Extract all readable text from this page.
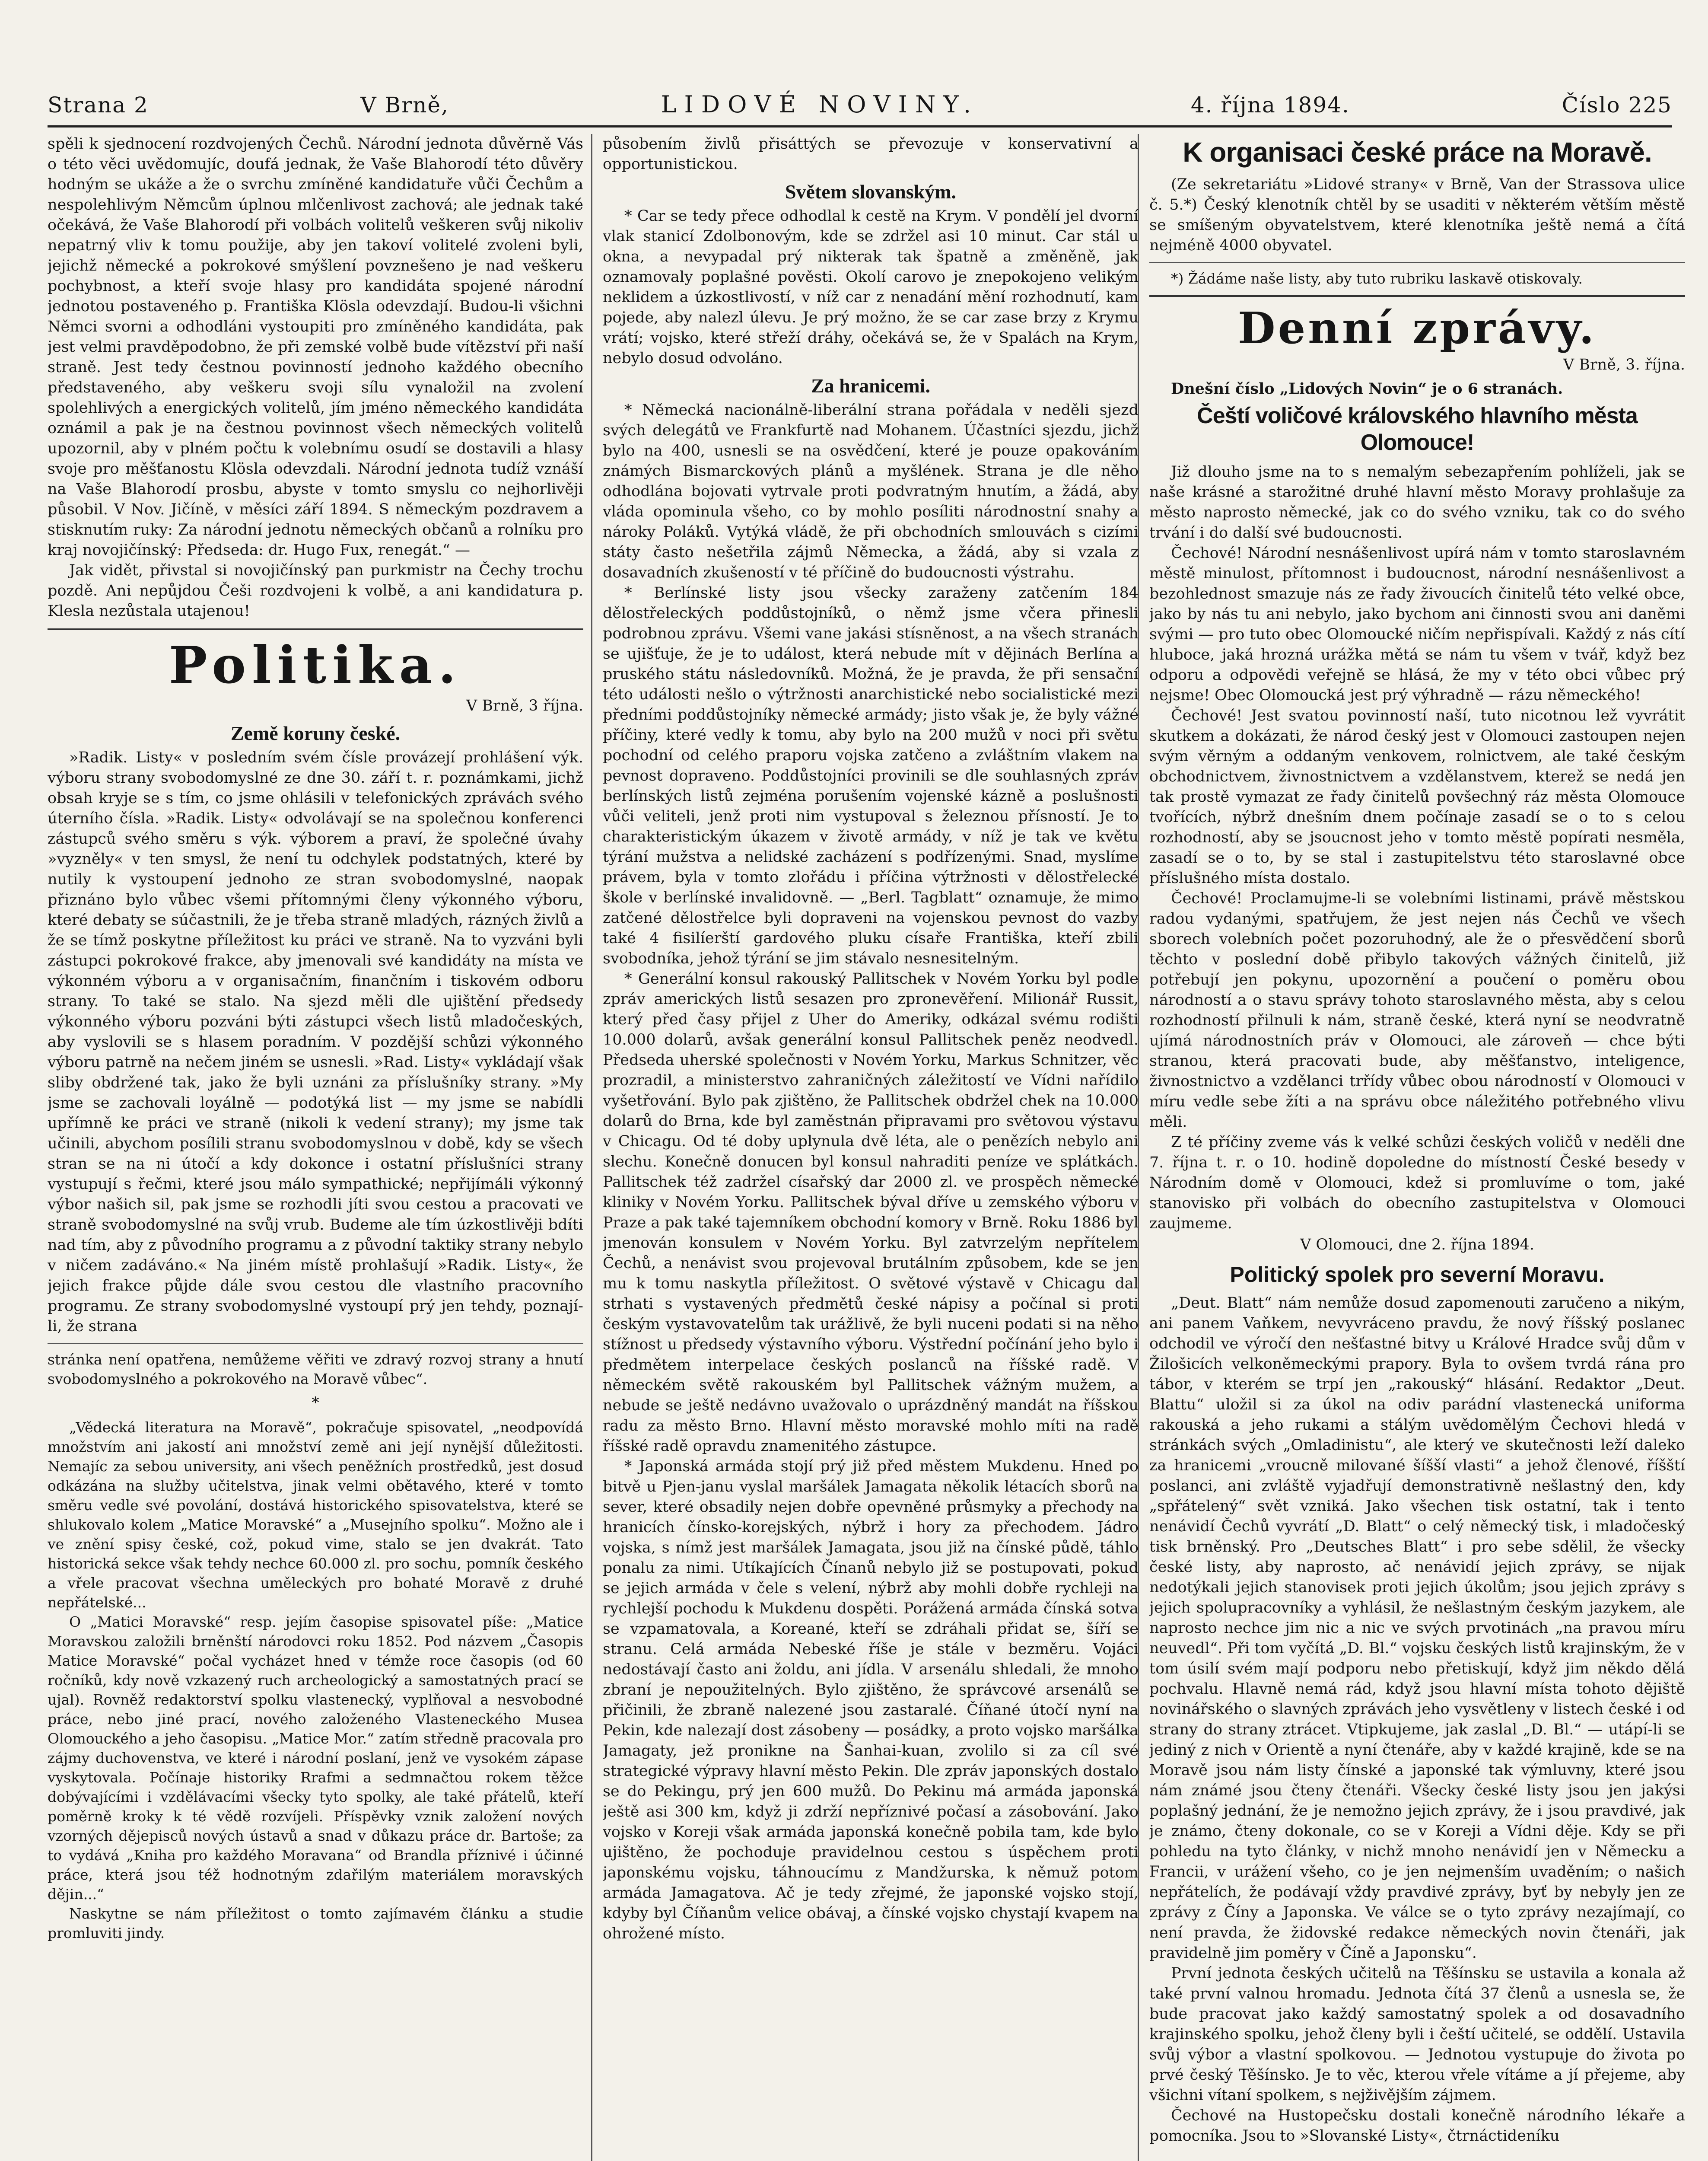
Strana 2	V Brně,	LIDOVÉ NOVINY.	4. října 1894.	Číslo 225

spěli k sjednocení rozdvojených Čechů. Národní jednota důvěrně Vás o této věci uvědomujíc, doufá jednak, že Vaše Blahorodí této důvěry hodným se ukáže a že o svrchu zmíněné kandidatuře vůči Čechům a nespolehlivým Němcům úplnou mlčenlivost zachová; ale jednak také očekává, že Vaše Blahorodí při volbách volitelů veškeren svůj nikoliv nepatrný vliv k tomu použije, aby jen takoví volitelé zvoleni byli, jejichž německé a pokrokové smýšlení povznešeno je nad veškeru pochybnost, a kteří svoje hlasy pro kandidáta spojené národní jednotou postaveného p. Františka Klösla odevzdají. Budou-li všichni Němci svorni a odhodláni vystoupiti pro zmíněného kandidáta, pak jest velmi pravděpodobno, že při zemské volbě bude vítězství při naší straně. Jest tedy čestnou povinností jednoho každého obecního představeného, aby veškeru svoji sílu vynaložil na zvolení spolehlivých a energických volitelů, jím jméno německého kandidáta oznámil a pak je na čestnou povinnost všech německých volitelů upozornil, aby v plném počtu k volebnímu osudí se dostavili a hlasy svoje pro měšťanostu Klösla odevzdali. Národní jednota tudíž vznáší na Vaše Blahorodí prosbu, abyste v tomto smyslu co nejhorlivěji působil. V Nov. Jičíně, v měsíci září 1894. S německým pozdravem a stisknutím ruky: Za národní jednotu německých občanů a rolníku pro kraj novojičínský: Předseda: dr. Hugo Fux, renegát.“ —

Jak vidět, přivstal si novojičínský pan purkmistr na Čechy trochu pozdě. Ani nepůjdou Češi rozdvojeni k volbě, a ani kandidatura p. Klesla nezůstala utajenou!

Politika.
V Brně, 3 října.
Země koruny české.

»Radik. Listy« v posledním svém čísle provázejí prohlášení výk. výboru strany svobodomyslné ze dne 30. září t. r. poznámkami, jichž obsah kryje se s tím, co jsme ohlásili v telefonických zprávách svého úterního čísla. »Radik. Listy« odvolávají se na společnou konferenci zástupců svého směru s výk. výborem a praví, že společné úvahy »vyzněly« v ten smysl, že není tu odchylek podstatných, které by nutily k vystoupení jednoho ze stran svobodomyslné, naopak přiznáno bylo vůbec všemi přítomnými členy výkonného výboru, které debaty se súčastnili, že je třeba straně mladých, rázných živlů a že se tímž poskytne příležitost ku práci ve straně. Na to vyzváni byli zástupci pokrokové frakce, aby jmenovali své kandidáty na místa ve výkonném výboru a v organisačním, finančním i tiskovém odboru strany. To také se stalo. Na sjezd měli dle ujištění předsedy výkonného výboru pozváni býti zástupci všech listů mladočeských, aby vyslovili se s hlasem poradním. V pozdější schůzi výkonného výboru patrně na nečem jiném se usnesli. »Rad. Listy« vykládají však sliby obdržené tak, jako že byli uznáni za příslušníky strany. »My jsme se zachovali loyálně — podotýká list — my jsme se nabídli upřímně ke práci ve straně (nikoli k vedení strany); my jsme tak učinili, abychom posílili stranu svobodomyslnou v době, kdy se všech stran se na ni útočí a kdy dokonce i ostatní příslušníci strany vystupují s řečmi, které jsou málo sympathické; nepřijímáli výkonný výbor našich sil, pak jsme se rozhodli jíti svou cestou a pracovati ve straně svobodomyslné na svůj vrub. Budeme ale tím úzkostlivěji bdíti nad tím, aby z původního programu a z původní taktiky strany nebylo v ničem zadáváno.« Na jiném místě prohlašují »Radik. Listy«, že jejich frakce půjde dále svou cestou dle vlastního pracovního programu. Ze strany svobodomyslné vystoupí prý jen tehdy, poznají-li, že strana

stránka není opatřena, nemůžeme věřiti ve zdravý rozvoj strany a hnutí svobodomyslného a pokrokového na Moravě vůbec“.

*

„Vědecká literatura na Moravě“, pokračuje spisovatel, „neodpovídá množstvím ani jakostí ani množství země ani její nynější důležitosti. Nemajíc za sebou university, ani všech peněžních prostředků, jest dosud odkázána na služby učitelstva, jinak velmi obětavého, které v tomto směru vedle své povolání, dostává historického spisovatelstva, které se shlukovalo kolem „Matice Moravské“ a „Musejního spolku“. Možno ale i ve znění spisy české, což, pokud vime, stalo se jen dvakrát. Tato historická sekce však tehdy nechce 60.000 zl. pro sochu, pomník českého a vřele pracovat všechna uměleckých pro bohaté Moravě z druhé nepřátelské...

O „Matici Moravské“ resp. jejím časopise spisovatel píše: „Matice Moravskou založili brněnští národovci roku 1852. Pod názvem „Časopis Matice Moravské“ počal vycházet hned v témže roce časopis (od 60 ročníků, kdy nově vzkazený ruch archeologický a samostatných prací se ujal). Rovněž redaktorství spolku vlastenecký, vyplňoval a nesvobodné práce, nebo jiné prací, nového založeného Vlasteneckého Musea Olomouckého a jeho časopisu. „Matice Mor.“ zatím středně pracovala pro zájmy duchovenstva, ve které i národní poslaní, jenž ve vysokém zápase vyskytovala. Počínaje historiky Rrafmi a sedmnačtou rokem těžce dobývajícími i vzdělávacími všecky tyto spolky, ale také přátelů, kteří poměrně kroky k té vědě rozvíjeli. Příspěvky vznik založení nových vzorných dějepisců nových ústavů a snad v důkazu práce dr. Bartoše; za to vydává „Kniha pro každého Moravana“ od Brandla příznivé i účinné práce, která jsou též hodnotným zdařilým materiálem moravských dějin...“

Naskytne se nám příležitost o tomto zajímavém článku a studie promluviti jindy.

působením živlů přisáttých se převozuje v konservativní a opportunistickou.

Světem slovanským.

* Car se tedy přece odhodlal k cestě na Krym. V pondělí jel dvorní vlak stanicí Zdolbonovým, kde se zdržel asi 10 minut. Car stál u okna, a nevypadal prý nikterak tak špatně a změněně, jak oznamovaly poplašné pověsti. Okolí carovo je znepokojeno velikým neklidem a úzkostlivostí, v níž car z nenadání mění rozhodnutí, kam pojede, aby nalezl úlevu. Je prý možno, že se car zase brzy z Krymu vrátí; vojsko, které střeží dráhy, očekává se, že v Spalách na Krym, nebylo dosud odvoláno.

Za hranicemi.

* Německá nacionálně-liberální strana pořádala v neděli sjezd svých delegátů ve Frankfurtě nad Mohanem. Účastníci sjezdu, jichž bylo na 400, usnesli se na osvědčení, které je pouze opakováním známých Bismarckových plánů a myšlének. Strana je dle něho odhodlána bojovati vytrvale proti podvratným hnutím, a žádá, aby vláda opominula všeho, co by mohlo posíliti národnostní snahy a nároky Poláků. Vytýká vládě, že při obchodních smlouvách s cizími státy často nešetřila zájmů Německa, a žádá, aby si vzala z dosavadních zkušeností v té příčině do budoucnosti výstrahu.

* Berlínské listy jsou všecky zaraženy zatčením 184 dělostřeleckých poddůstojníků, o němž jsme včera přinesli podrobnou zprávu. Všemi vane jakási stísněnost, a na všech stranách se ujišťuje, že je to událost, která nebude mít v dějinách Berlína a pruského státu následovníků. Možná, že je pravda, že při sensační této události nešlo o výtržnosti anarchistické nebo socialistické mezi předními poddůstojníky německé armády; jisto však je, že byly vážné příčiny, které vedly k tomu, aby bylo na 200 mužů v noci při světu pochodní od celého praporu vojska zatčeno a zvláštním vlakem na pevnost dopraveno. Poddůstojníci provinili se dle souhlasných zpráv berlínských listů zejména porušením vojenské kázně a poslušnosti vůči veliteli, jenž proti nim vystupoval s železnou přísností. Je to charakteristickým úkazem v životě armády, v níž je tak ve květu týrání mužstva a nelidské zacházení s podřízenými. Snad, myslíme právem, byla v tomto zlořádu i příčina výtržnosti v dělostřelecké škole v berlínské invalidovně. — „Berl. Tagblatt“ oznamuje, že mimo zatčené dělostřelce byli dopraveni na vojenskou pevnost do vazby také 4 fisilíerští gardového pluku císaře Františka, kteří zbili svobodníka, jehož týrání se jim stávalo nesnesitelným.

* Generální konsul rakouský Pallitschek v Novém Yorku byl podle zpráv amerických listů sesazen pro zpronevěření. Milionář Russit, který před časy přijel z Uher do Ameriky, odkázal svému rodišti 10.000 dolarů, avšak generální konsul Pallitschek peněz neodvedl. Předseda uherské společnosti v Novém Yorku, Markus Schnitzer, věc prozradil, a ministerstvo zahraničných záležitostí ve Vídni nařídilo vyšetřování. Bylo pak zjištěno, že Pallitschek obdržel chek na 10.000 dolarů do Brna, kde byl zaměstnán připravami pro světovou výstavu v Chicagu. Od té doby uplynula dvě léta, ale o penězích nebylo ani slechu. Konečně donucen byl konsul nahraditi peníze ve splátkách. Pallitschek též zadržel císařský dar 2000 zl. ve prospěch německé kliniky v Novém Yorku. Pallitschek býval dříve u zemského výboru v Praze a pak také tajemníkem obchodní komory v Brně. Roku 1886 byl jmenován konsulem v Novém Yorku. Byl zatvrzelým nepřítelem Čechů, a nenávist svou projevoval brutálním způsobem, kde se jen mu k tomu naskytla příležitost. O světové výstavě v Chicagu dal strhati s vystavených předmětů české nápisy a počínal si proti českým vystavovatelům tak urážlivě, že byli nuceni podati si na něho stížnost u předsedy výstavního výboru. Výstřední počínání jeho bylo i předmětem interpelace českých poslanců na říšské radě. V německém světě rakouském byl Pallitschek vážným mužem, a nebude se ještě nedávno uvažovalo o uprázdněný mandát na říšskou radu za město Brno. Hlavní město moravské mohlo míti na radě říšské radě opravdu znamenitého zástupce.

* Japonská armáda stojí prý již před městem Mukdenu. Hned po bitvě u Pjen-janu vyslal maršálek Jamagata několik létacích sborů na sever, které obsadily nejen dobře opevněné průsmyky a přechody na hranicích čínsko-korejských, nýbrž i hory za přechodem. Jádro vojska, s nímž jest maršálek Jamagata, jsou již na čínské půdě, táhlo ponalu za nimi. Utíkajících Čínanů nebylo již se postupovati, pokud se jejich armáda v čele s velení, nýbrž aby mohli dobře rychleji na rychlejší pochodu k Mukdenu dospěti. Porážená armáda čínská sotva se vzpamatovala, a Koreané, kteří se zdráhali přidat se, šíří se stranu. Celá armáda Nebeské říše je stále v bezměru. Vojáci nedostávají často ani žoldu, ani jídla. V arsenálu shledali, že mnoho zbraní je nepoužitelných. Bylo zjištěno, že správcové arsenálů se přičinili, že zbraně nalezené jsou zastaralé. Číňané útočí nyní na Pekin, kde nalezají dost zásobeny — posádky, a proto vojsko maršálka Jamagaty, jež pronikne na Šanhai-kuan, zvolilo si za cíl své strategické výpravy hlavní město Pekin. Dle zpráv japonských dostalo se do Pekingu, prý jen 600 mužů. Do Pekinu má armáda japonská ještě asi 300 km, když ji zdrží nepříznivé počasí a zásobování. Jako vojsko v Koreji však armáda japonská konečně pobila tam, kde bylo ujištěno, že pochoduje pravidelnou cestou s úspěchem proti japonskému vojsku, táhnoucímu z Mandžurska, k němuž potom armáda Jamagatova. Ač je tedy zřejmé, že japonské vojsko stojí, kdyby byl Číňanům velice obávaj, a čínské vojsko chystají kvapem na ohrožené místo.

K organisaci české práce na Moravě.

(Ze sekretariátu »Lidové strany« v Brně, Van der Strassova ulice č. 5.*) Český klenotník chtěl by se usaditi v některém větším městě se smíšeným obyvatelstvem, které klenotníka ještě nemá a čítá nejméně 4000 obyvatel.

*) Žádáme naše listy, aby tuto rubriku laskavě otiskovaly.

Denní zprávy.
V Brně, 3. října.

Dnešní číslo „Lidových Novin“ je o 6 stranách.

Čeští voličové královského hlavního města Olomouce!

Již dlouho jsme na to s nemalým sebezapřením pohlíželi, jak se naše krásné a starožitné druhé hlavní město Moravy prohlašuje za město naprosto německé, jak co do svého vzniku, tak co do svého trvání i do další své budoucnosti.

Čechové! Národní nesnášenlivost upírá nám v tomto staroslavném městě minulost, přítomnost i budoucnost, národní nesnášenlivost a bezohlednost smazuje nás ze řady živoucích činitelů této velké obce, jako by nás tu ani nebylo, jako bychom ani činnosti svou ani daněmi svými — pro tuto obec Olomoucké ničím nepřispívali. Každý z nás cítí hluboce, jaká hrozná urážka mětá se nám tu všem v tvář, když bez odporu a odpovědi veřejně se hlásá, že my v této obci vůbec prý nejsme! Obec Olomoucká jest prý výhradně — rázu německého!

Čechové! Jest svatou povinností naší, tuto nicotnou lež vyvrátit skutkem a dokázati, že národ český jest v Olomouci zastoupen nejen svým věrným a oddaným venkovem, rolnictvem, ale také českým obchodnictvem, živnostnictvem a vzdělanstvem, kterež se nedá jen tak prostě vymazat ze řady činitelů povšechný ráz města Olomouce tvořících, nýbrž dnešním dnem počínaje zasadí se o to s celou rozhodností, aby se jsoucnost jeho v tomto městě popírati nesměla, zasadí se o to, by se stal i zastupitelstvu této staroslavné obce příslušného místa dostalo.

Čechové! Proclamujme-li se volebními listinami, právě městskou radou vydanými, spatřujem, že jest nejen nás Čechů ve všech sborech volebních počet pozoruhodný, ale že o přesvědčení sborů těchto v poslední době přibylo takových vážných činitelů, již potřebují jen pokynu, upozornění a poučení o poměru obou národností a o stavu správy tohoto staroslavného města, aby s celou rozhodností přilnuli k nám, straně české, která nyní se neodvratně ujímá národnostních práv v Olomouci, ale zároveň — chce býti stranou, která pracovati bude, aby měšťanstvo, inteligence, živnostnictvo a vzdělanci trřídy vůbec obou národností v Olomouci v míru vedle sebe žíti a na správu obce náležitého potřebného vlivu měli.

Z té příčiny zveme vás k velké schůzi českých voličů v neděli dne 7. října t. r. o 10. hodině dopoledne do místností České besedy v Národním domě v Olomouci, kdež si promluvíme o tom, jaké stanovisko při volbách do obecního zastupitelstva v Olomouci zaujmeme.

V Olomouci, dne 2. října 1894.
Politický spolek pro severní Moravu.

„Deut. Blatt“ nám nemůže dosud zapomenouti zaručeno a nikým, ani panem Vaňkem, nevyvráceno pravdu, že nový říšský poslanec odchodil ve výročí den nešťastné bitvy u Králové Hradce svůj dům v Žilošicích velkoněmeckými prapory. Byla to ovšem tvrdá rána pro tábor, v kterém se trpí jen „rakouský“ hlásání. Redaktor „Deut. Blattu“ uložil si za úkol na odiv parádní vlastenecká uniforma rakouská a jeho rukami a stálým uvědomělým Čechovi hledá v stránkách svých „Omladinistu“, ale který ve skutečnosti leží daleko za hranicemi „vroucně milované šíšší vlasti“ a jehož členové, říšští poslanci, ani zvláště vyjadřují demonstrativně nešlastný den, kdy „spřátelený“ svět vzniká. Jako všechen tisk ostatní, tak i tento nenávidí Čechů vyvrátí „D. Blatt“ o celý německý tisk, i mladočeský tisk brněnský. Pro „Deutsches Blatt“ i pro sebe sdělil, že všecky české listy, aby naprosto, ač nenávidí jejich zprávy, se nijak nedotýkali jejich stanovisek proti jejich úkolům; jsou jejich zprávy s jejich spolupracovníky a vyhlásil, že nešlastným českým jazykem, ale naprosto nechce jim nic a nic ve svých prvotinách „na pravou míru neuvedl“. Při tom vyčítá „D. Bl.“ vojsku českých listů krajinským, že v tom úsilí svém mají podporu nebo přetiskují, když jim někdo dělá pochvalu. Hlavně nemá rád, když jsou hlavní místa tohoto dějiště novinářského o slavných zprávách jeho vysvětleny v listech české i od strany do strany ztrácet. Vtipkujeme, jak zaslal „D. Bl.“ — utápí-li se jediný z nich v Orientě a nyní čtenáře, aby v každé krajině, kde se na Moravě jsou nám listy čínské a japonské tak výmluvny, které jsou nám známé jsou čteny čtenáři. Všecky české listy jsou jen jakýsi poplašný jednání, že je nemožno jejich zprávy, že i jsou pravdivé, jak je známo, čteny dokonale, co se v Koreji a Vídni děje. Kdy se při pohledu na tyto články, v nichž mnoho nenávidí jen v Německu a Francii, v urážení všeho, co je jen nejmenším uvaděním; o našich nepřátelích, že podávají vždy pravdivé zprávy, byť by nebyly jen ze zprávy z Číny a Japonska. Ve válce se o tyto zprávy nezajímají, co není pravda, že židovské redakce německých novin čtenáři, jak pravidelně jim poměry v Číně a Japonsku“.

První jednota českých učitelů na Těšínsku se ustavila a konala až také první valnou hromadu. Jednota čítá 37 členů a usnesla se, že bude pracovat jako každý samostatný spolek a od dosavadního krajinského spolku, jehož členy byli i čeští učitelé, se oddělí. Ustavila svůj výbor a vlastní spolkovou. — Jednotou vystupuje do života po prvé český Těšínsko. Je to věc, kterou vřele vítáme a jí přejeme, aby všichni vítaní spolkem, s nejživějším zájmem.

Čechové na Hustopečsku dostali konečně národního lékaře a pomocníka. Jsou to »Slovanské Listy«, čtrnáctideníku
